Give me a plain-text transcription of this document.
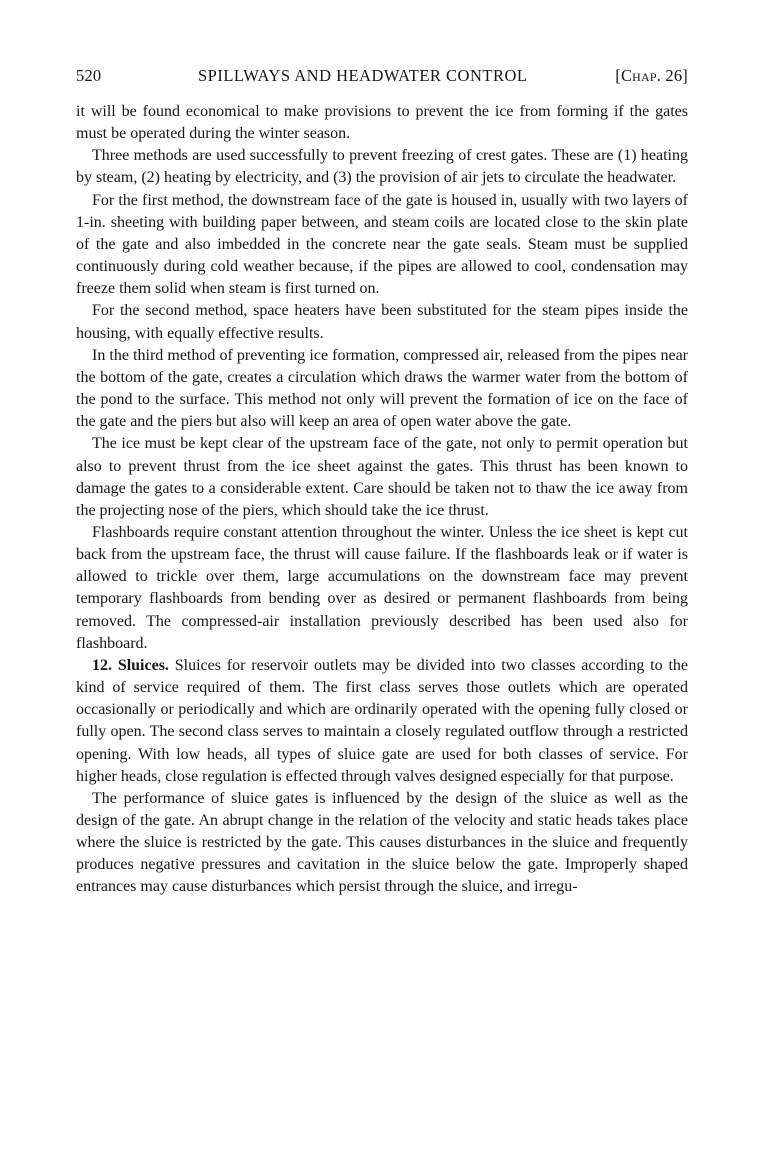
520	SPILLWAYS AND HEADWATER CONTROL	[Chap. 26]

it will be found economical to make provisions to prevent the ice from forming if the gates must be operated during the winter season.

Three methods are used successfully to prevent freezing of crest gates. These are (1) heating by steam, (2) heating by electricity, and (3) the provision of air jets to circulate the headwater.

For the first method, the downstream face of the gate is housed in, usually with two layers of 1-in. sheeting with building paper between, and steam coils are located close to the skin plate of the gate and also imbedded in the concrete near the gate seals. Steam must be supplied continuously during cold weather because, if the pipes are allowed to cool, condensation may freeze them solid when steam is first turned on.

For the second method, space heaters have been substituted for the steam pipes inside the housing, with equally effective results.

In the third method of preventing ice formation, compressed air, released from the pipes near the bottom of the gate, creates a circulation which draws the warmer water from the bottom of the pond to the surface. This method not only will prevent the formation of ice on the face of the gate and the piers but also will keep an area of open water above the gate.

The ice must be kept clear of the upstream face of the gate, not only to permit operation but also to prevent thrust from the ice sheet against the gates. This thrust has been known to damage the gates to a considerable extent. Care should be taken not to thaw the ice away from the projecting nose of the piers, which should take the ice thrust.

Flashboards require constant attention throughout the winter. Unless the ice sheet is kept cut back from the upstream face, the thrust will cause failure. If the flashboards leak or if water is allowed to trickle over them, large accumulations on the downstream face may prevent temporary flashboards from bending over as desired or permanent flashboards from being removed. The compressed-air installation previously described has been used also for flashboard.

12. Sluices. Sluices for reservoir outlets may be divided into two classes according to the kind of service required of them. The first class serves those outlets which are operated occasionally or periodically and which are ordinarily operated with the opening fully closed or fully open. The second class serves to maintain a closely regulated outflow through a restricted opening. With low heads, all types of sluice gate are used for both classes of service. For higher heads, close regulation is effected through valves designed especially for that purpose.

The performance of sluice gates is influenced by the design of the sluice as well as the design of the gate. An abrupt change in the relation of the velocity and static heads takes place where the sluice is restricted by the gate. This causes disturbances in the sluice and frequently produces negative pressures and cavitation in the sluice below the gate. Improperly shaped entrances may cause disturbances which persist through the sluice, and irregu-
